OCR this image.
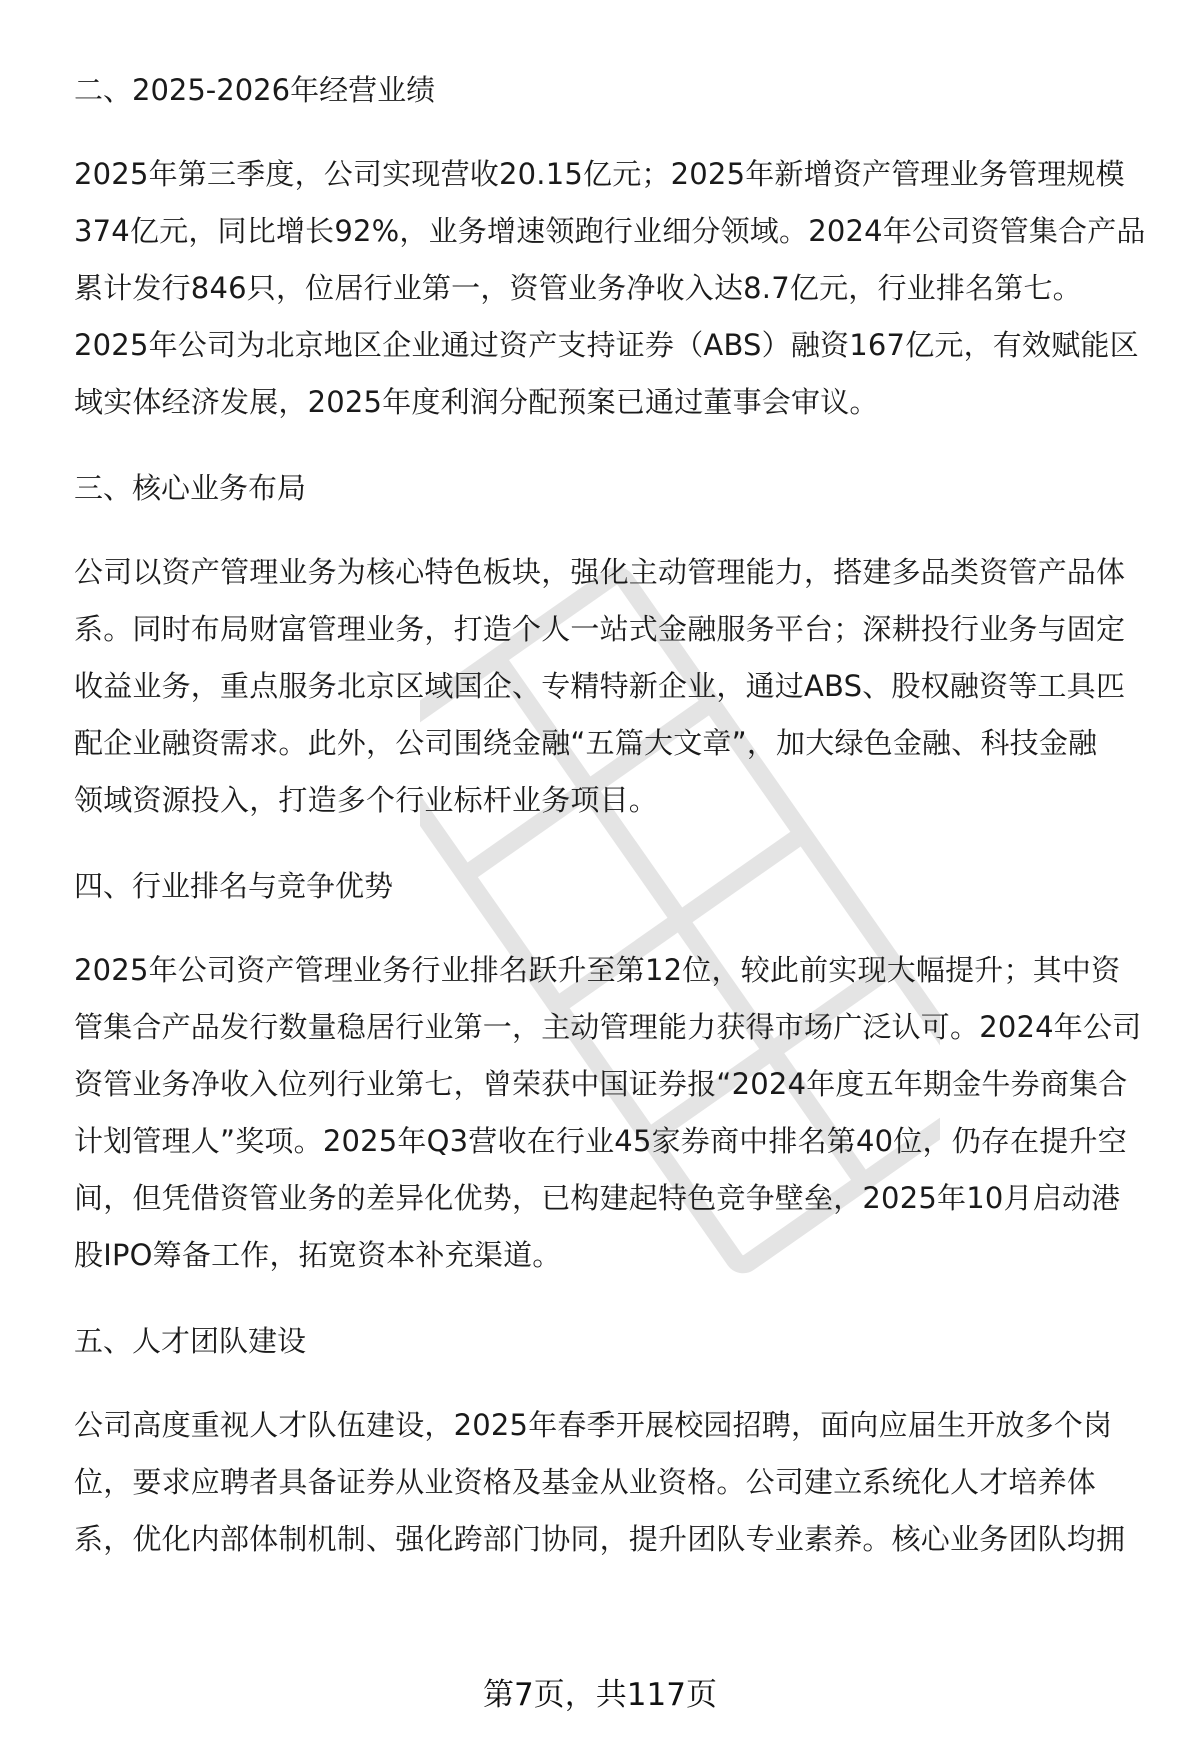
二、2025-2026年经营业绩

2025年第三季度，公司实现营收20.15亿元；2025年新增资产管理业务管理规模
374亿元，同比增长92%，业务增速领跑行业细分领域。2024年公司资管集合产品
累计发行846只，位居行业第一，资管业务净收入达8.7亿元，行业排名第七。
2025年公司为北京地区企业通过资产支持证券（ABS）融资167亿元，有效赋能区
域实体经济发展，2025年度利润分配预案已通过董事会审议。

三、核心业务布局

公司以资产管理业务为核心特色板块，强化主动管理能力，搭建多品类资管产品体
系。同时布局财富管理业务，打造个人一站式金融服务平台；深耕投行业务与固定
收益业务，重点服务北京区域国企、专精特新企业，通过ABS、股权融资等工具匹
配企业融资需求。此外，公司围绕金融“五篇大文章”，加大绿色金融、科技金融
领域资源投入，打造多个行业标杆业务项目。

四、行业排名与竞争优势

2025年公司资产管理业务行业排名跃升至第12位，较此前实现大幅提升；其中资
管集合产品发行数量稳居行业第一，主动管理能力获得市场广泛认可。2024年公司
资管业务净收入位列行业第七，曾荣获中国证券报“2024年度五年期金牛券商集合
计划管理人”奖项。2025年Q3营收在行业45家券商中排名第40位，仍存在提升空
间，但凭借资管业务的差异化优势，已构建起特色竞争壁垒，2025年10月启动港
股IPO筹备工作，拓宽资本补充渠道。

五、人才团队建设

公司高度重视人才队伍建设，2025年春季开展校园招聘，面向应届生开放多个岗
位，要求应聘者具备证券从业资格及基金从业资格。公司建立系统化人才培养体
系，优化内部体制机制、强化跨部门协同，提升团队专业素养。核心业务团队均拥

第7页，共117页
